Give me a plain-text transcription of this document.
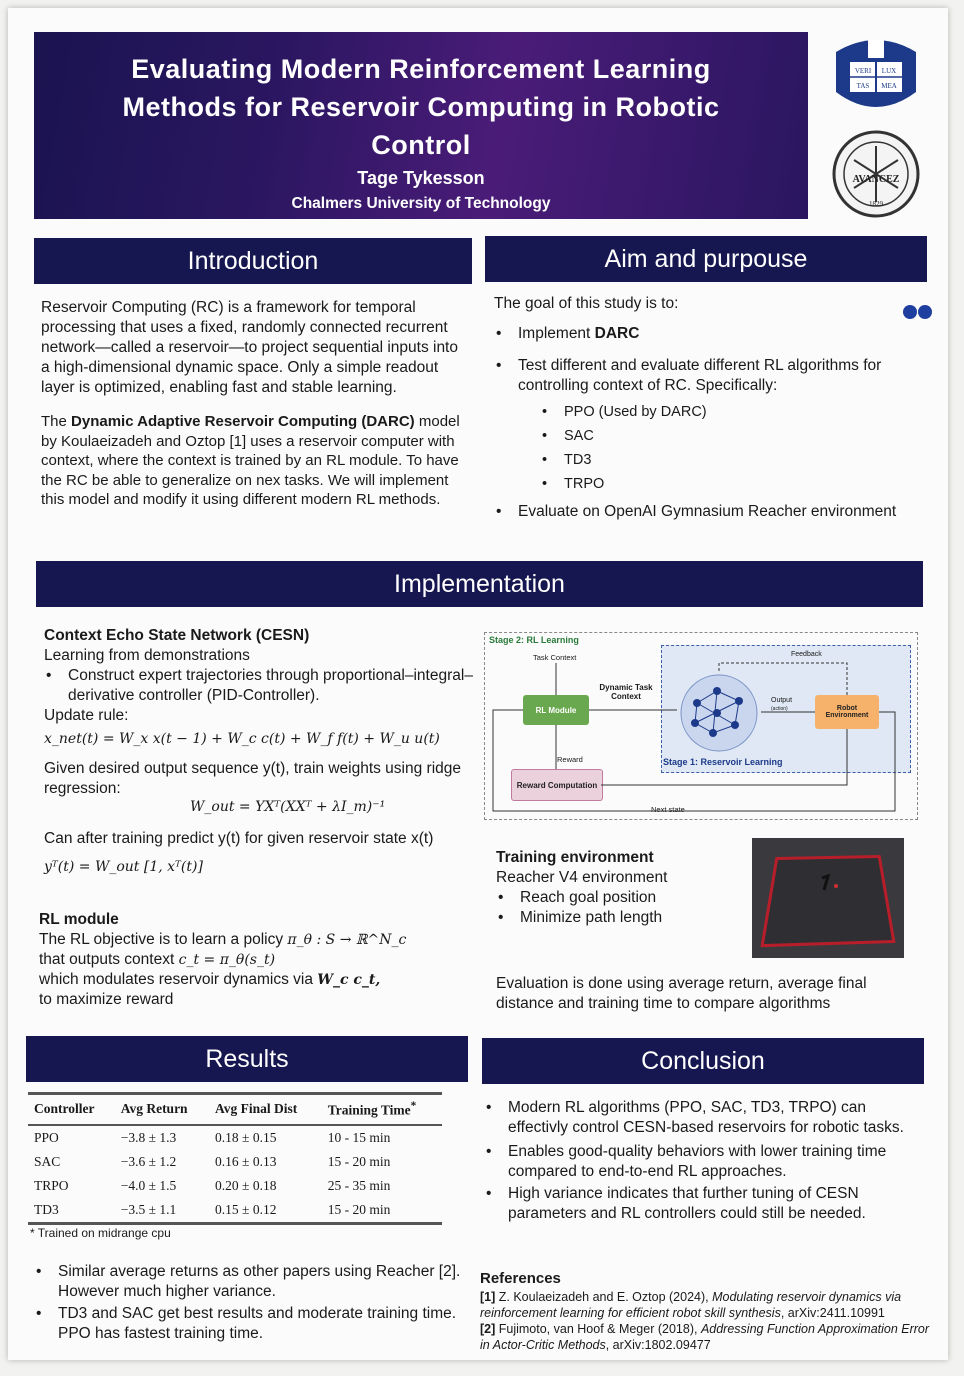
Evaluating Modern Reinforcement Learning
Methods for Reservoir Computing in Robotic
Control
Tage Tykesson
Chalmers University of Technology
VERI LUX
TAS MEA
AVANCEZ
1829
Introduction
Reservoir Computing (RC) is a framework for temporal processing that uses a fixed, randomly connected recurrent network—called a reservoir—to project sequential inputs into a high-dimensional dynamic space. Only a simple readout layer is optimized, enabling fast and stable learning.
The Dynamic Adaptive Reservoir Computing (DARC) model by Koulaeizadeh and Oztop [1] uses a reservoir computer with context, where the context is trained by an RL module. To have the RC be able to generalize on nex tasks. We will implement this model and modify it using different modern RL methods.
Aim and purpouse
The goal of this study is to:
• Implement DARC
• Test different and evaluate different RL algorithms for controlling context of RC. Specifically:
• PPO (Used by DARC)
• SAC
• TD3
• TRPO
• Evaluate on OpenAI Gymnasium Reacher environment
Implementation
Context Echo State Network (CESN)
Learning from demonstrations
• Construct expert trajectories through proportional–integral–derivative controller (PID-Controller).
Update rule:
x_net(t) = W_x x(t − 1) + W_c c(t) + W_f f(t) + W_u u(t)
Given desired output sequence y(t), train weights using ridge regression:
W_out = YXᵀ(XXᵀ + λI_m)⁻¹
Can after training predict y(t) for given reservoir state x(t)
yᵀ(t) = W_out [1, xᵀ(t)]
RL module
The RL objective is to learn a policy π_θ : S → ℝ^N_c
that outputs context c_t = π_θ(s_t)
which modulates reservoir dynamics via W_c c_t,
to maximize reward
Stage 2: RL Learning
Stage 1: Reservoir Learning
Task Context	Feedback
RL Module
Dynamic Task Context	Output
(action)	Robot Environment
Reward
Reward Computation
Next state
Training environment
Reacher V4 environment
• Reach goal position
• Minimize path length
Evaluation is done using average return, average final distance and training time to compare algorithms
Results
Controller	Avg Return	Avg Final Dist	Training Time*
PPO	−3.8 ± 1.3	0.18 ± 0.15	10 - 15 min
SAC	−3.6 ± 1.2	0.16 ± 0.13	15 - 20 min
TRPO	−4.0 ± 1.5	0.20 ± 0.18	25 - 35 min
TD3	−3.5 ± 1.1	0.15 ± 0.12	15 - 20 min
* Trained on midrange cpu
• Similar average returns as other papers using Reacher [2]. However much higher variance.
• TD3 and SAC get best results and moderate training time. PPO has fastest training time.
Conclusion
• Modern RL algorithms (PPO, SAC, TD3, TRPO) can effectivly control CESN-based reservoirs for robotic tasks.
• Enables good-quality behaviors with lower training time compared to end-to-end RL approaches.
• High variance indicates that further tuning of CESN parameters and RL controllers could still be needed.
References
[1] Z. Koulaeizadeh and E. Oztop (2024), Modulating reservoir dynamics via reinforcement learning for efficient robot skill synthesis, arXiv:2411.10991
[2] Fujimoto, van Hoof & Meger (2018), Addressing Function Approximation Error in Actor-Critic Methods, arXiv:1802.09477
